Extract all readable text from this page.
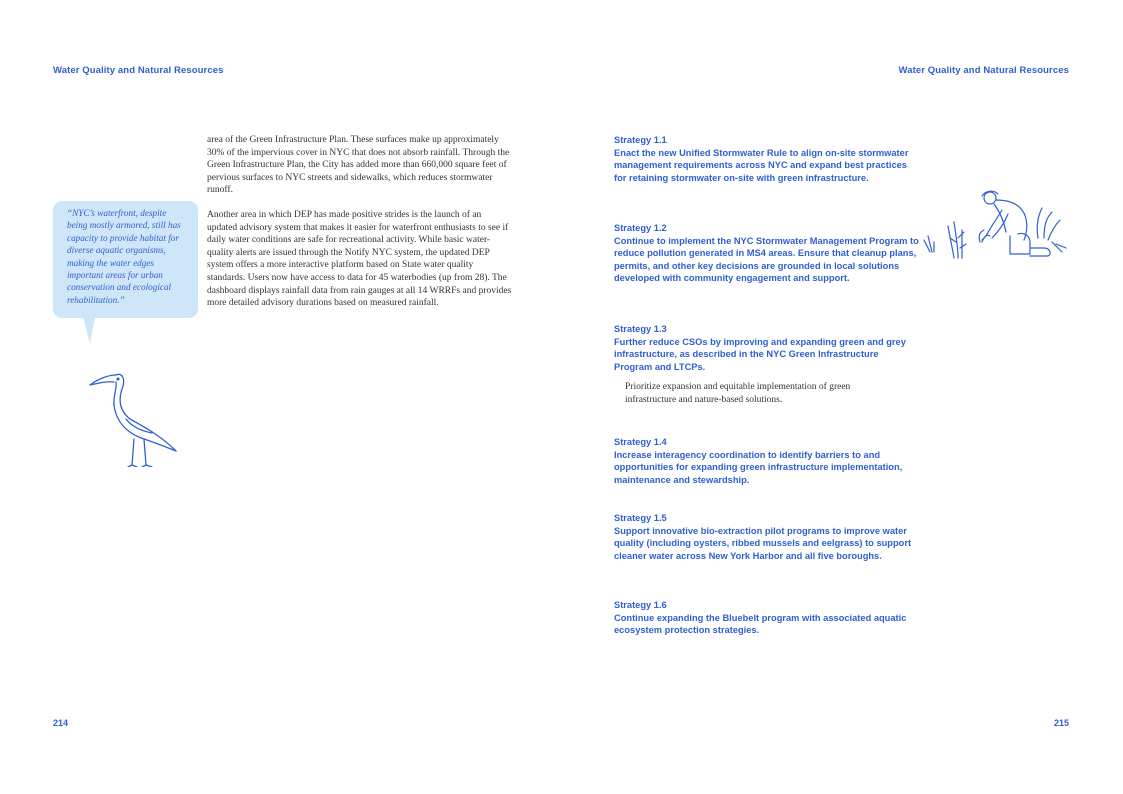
Water Quality and Natural Resources

area of the Green Infrastructure Plan. These surfaces make up approximately 30% of the impervious cover in NYC that does not absorb rainfall. Through the Green Infrastructure Plan, the City has added more than 660,000 square feet of pervious surfaces to NYC streets and sidewalks, which reduces stormwater runoff.

Another area in which DEP has made positive strides is the launch of an updated advisory system that makes it easier for waterfront enthusiasts to see if daily water conditions are safe for recreational activity. While basic water-quality alerts are issued through the Notify NYC system, the updated DEP system offers a more interactive platform based on State water quality standards. Users now have access to data for 45 waterbodies (up from 28). The dashboard displays rainfall data from rain gauges at all 14 WRRFs and provides more detailed advisory durations based on measured rainfall.

“NYC’s waterfront, despite being mostly armored, still has capacity to provide habitat for diverse aquatic organisms, making the water edges important areas for urban conservation and ecological rehabilitation.”
214
Water Quality and Natural Resources
Strategy 1.1
Enact the new Unified Stormwater Rule to align on-site stormwater management requirements across NYC and expand best practices for retaining stormwater on-site with green infrastructure.
Strategy 1.2
Continue to implement the NYC Stormwater Management Program to reduce pollution generated in MS4 areas. Ensure that cleanup plans, permits, and other key decisions are grounded in local solutions developed with community engagement and support.
Strategy 1.3
Further reduce CSOs by improving and expanding green and grey infrastructure, as described in the NYC Green Infrastructure Program and LTCPs.
Prioritize expansion and equitable implementation of green infrastructure and nature-based solutions.
Strategy 1.4
Increase interagency coordination to identify barriers to and opportunities for expanding green infrastructure implementation, maintenance and stewardship.
Strategy 1.5
Support innovative bio-extraction pilot programs to improve water quality (including oysters, ribbed mussels and eelgrass) to support cleaner water across New York Harbor and all five boroughs.
Strategy 1.6
Continue expanding the Bluebelt program with associated aquatic ecosystem protection strategies.
215
